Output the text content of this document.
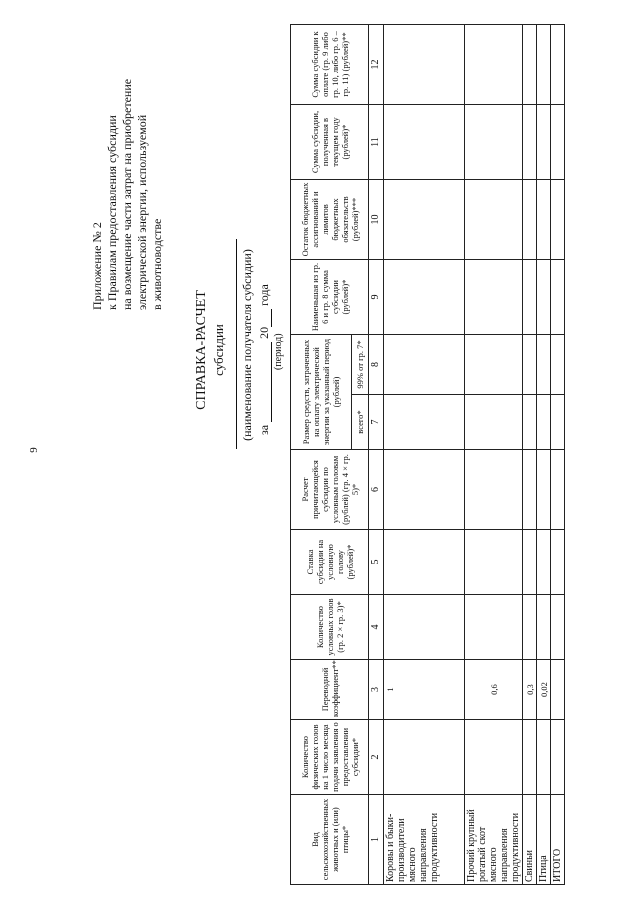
9
Приложение № 2 к Правилам предоставления субсидии на возмещение части затрат на приобретение электрической энергии, используемой в животноводстве
СПРАВКА-РАСЧЕТ субсидии (наименование получателя субсидии) за  20 года
(период)
Вид сельскохозяйственных животных и (или) птицы*	Количество физических голов на 1 число месяца подачи заявления о предоставлении субсидии*	Переводной коэффициент**	Количество условных голов (гр. 2 × гр. 3)*	Ставка субсидии на условную голову (рублей)*	Расчет причитающейся субсидии по условным головам (рублей) (гр. 4 × гр. 5)*	Размер средств, затраченных на оплату электрической энергии за указанный период (рублей)		Наименьшая из гр. 6 и гр. 8 сумма субсидии (рублей)*	Остаток бюджетных ассигнований и лимитов бюджетных обязательств (рублей)***	Сумма субсидии, полученная в текущем году (рублей)*	Сумма субсидии к оплате (гр. 9 либо гр. 10, либо гр. 6 – гр. 11) (рублей)**
						всего*	99% от гр. 7*				
1	2	3	4	5	6	7	8	9	10	11	12
Коровы и быки-производители мясного направления продуктивности		1									
Прочий крупный рогатый скот мясного направления продуктивности		0,6									
Свиньи		0,3									
Птица		0,02									
ИТОГО											
